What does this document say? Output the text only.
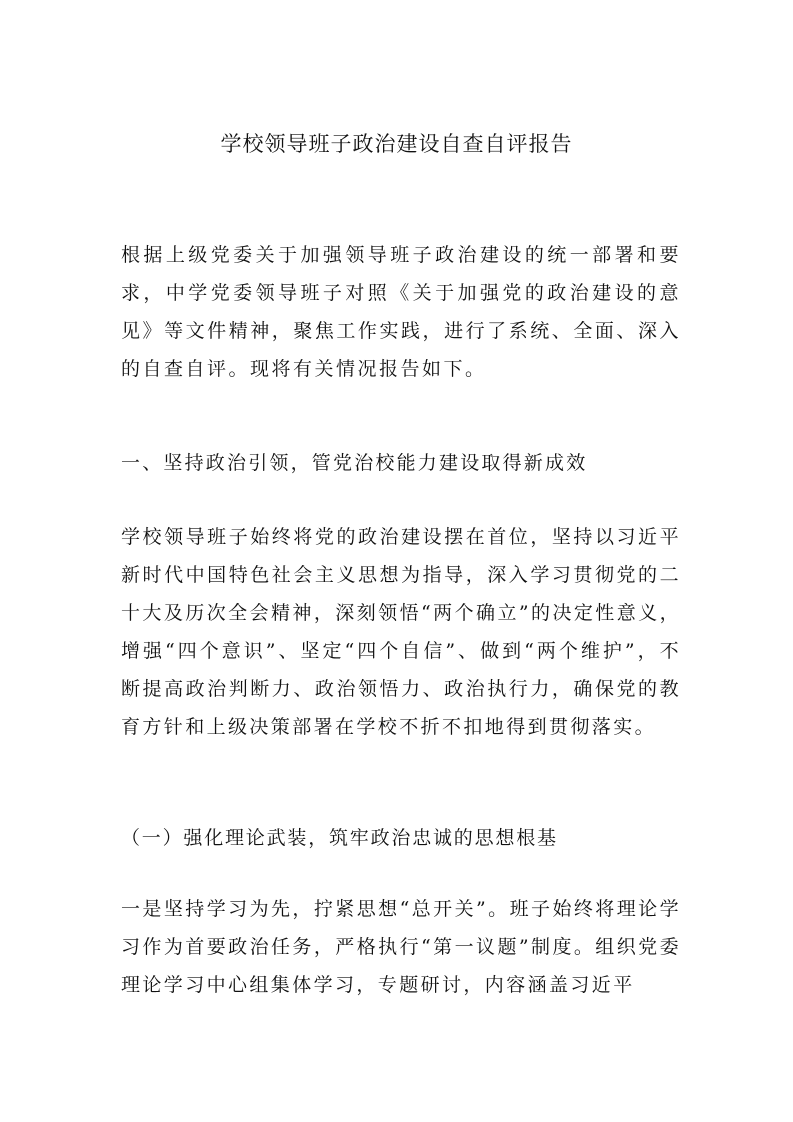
学校领导班子政治建设自查自评报告
根据上级党委关于加强领导班子政治建设的统一部署和要求，中学党委领导班子对照《关于加强党的政治建设的意见》等文件精神，聚焦工作实践，进行了系统、全面、深入的自查自评。现将有关情况报告如下。
一、坚持政治引领，管党治校能力建设取得新成效
学校领导班子始终将党的政治建设摆在首位，坚持以习近平新时代中国特色社会主义思想为指导，深入学习贯彻党的二十大及历次全会精神，深刻领悟“两个确立”的决定性意义，增强“四个意识”、坚定“四个自信”、做到“两个维护”，不断提高政治判断力、政治领悟力、政治执行力，确保党的教育方针和上级决策部署在学校不折不扣地得到贯彻落实。
（一）强化理论武装，筑牢政治忠诚的思想根基
一是坚持学习为先，拧紧思想“总开关”。班子始终将理论学习作为首要政治任务，严格执行“第一议题”制度。组织党委理论学习中心组集体学习，专题研讨，内容涵盖习近平
